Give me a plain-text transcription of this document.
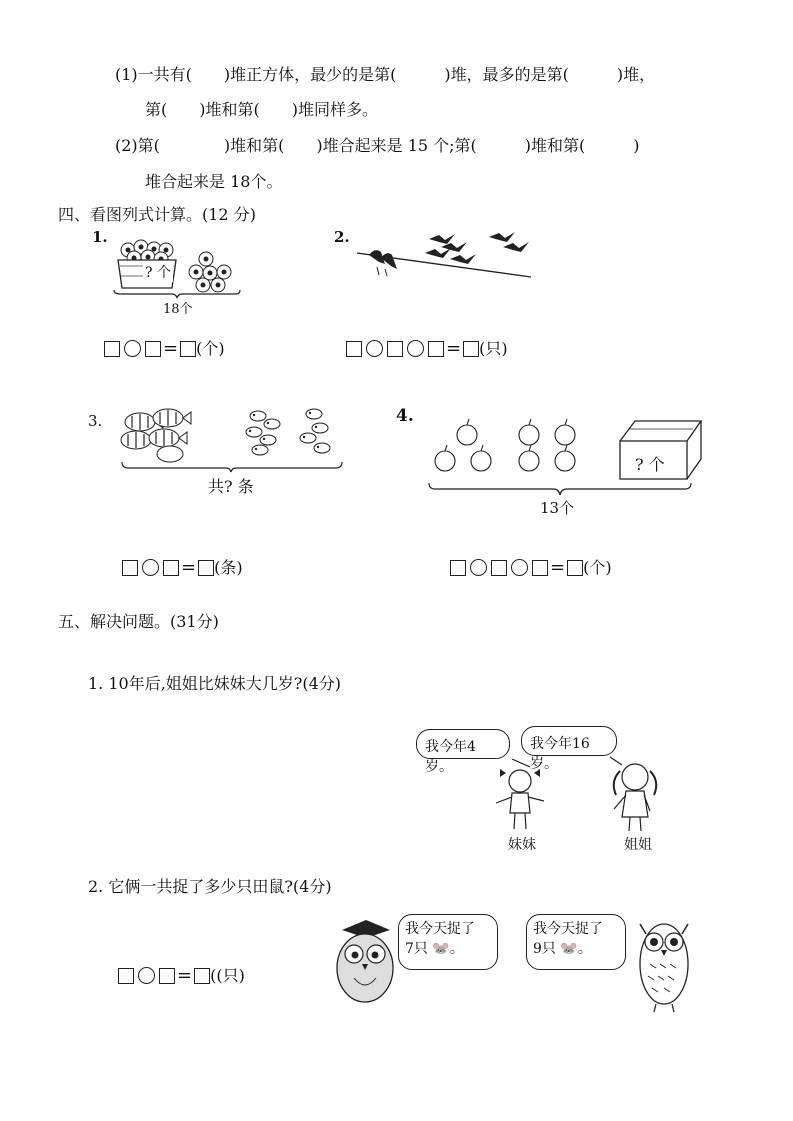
(1)一共有(　　)堆正方体，最少的是第(　　　)堆，最多的是第(　　　)堆，
第(　　)堆和第(　　)堆同样多。
(2)第(　　　　)堆和第(　　)堆合起来是 15 个;第(　　　)堆和第(　　　)
堆合起来是 18个。
四、看图列式计算。(12 分)
1.
? 个
18个
= (个)
2.
= (只)
3.
共? 条
= (条)
4.
? 个
13个
= (个)
五、解决问题。(31分)
1. 10年后,姐姐比妹妹大几岁?(4分)
我今年4岁。
我今年16岁。
妹妹	姐姐
2. 它俩一共捉了多少只田鼠?(4分)
= ((只)
我今天捉了
7只 🐭。
我今天捉了
9只 🐭。
